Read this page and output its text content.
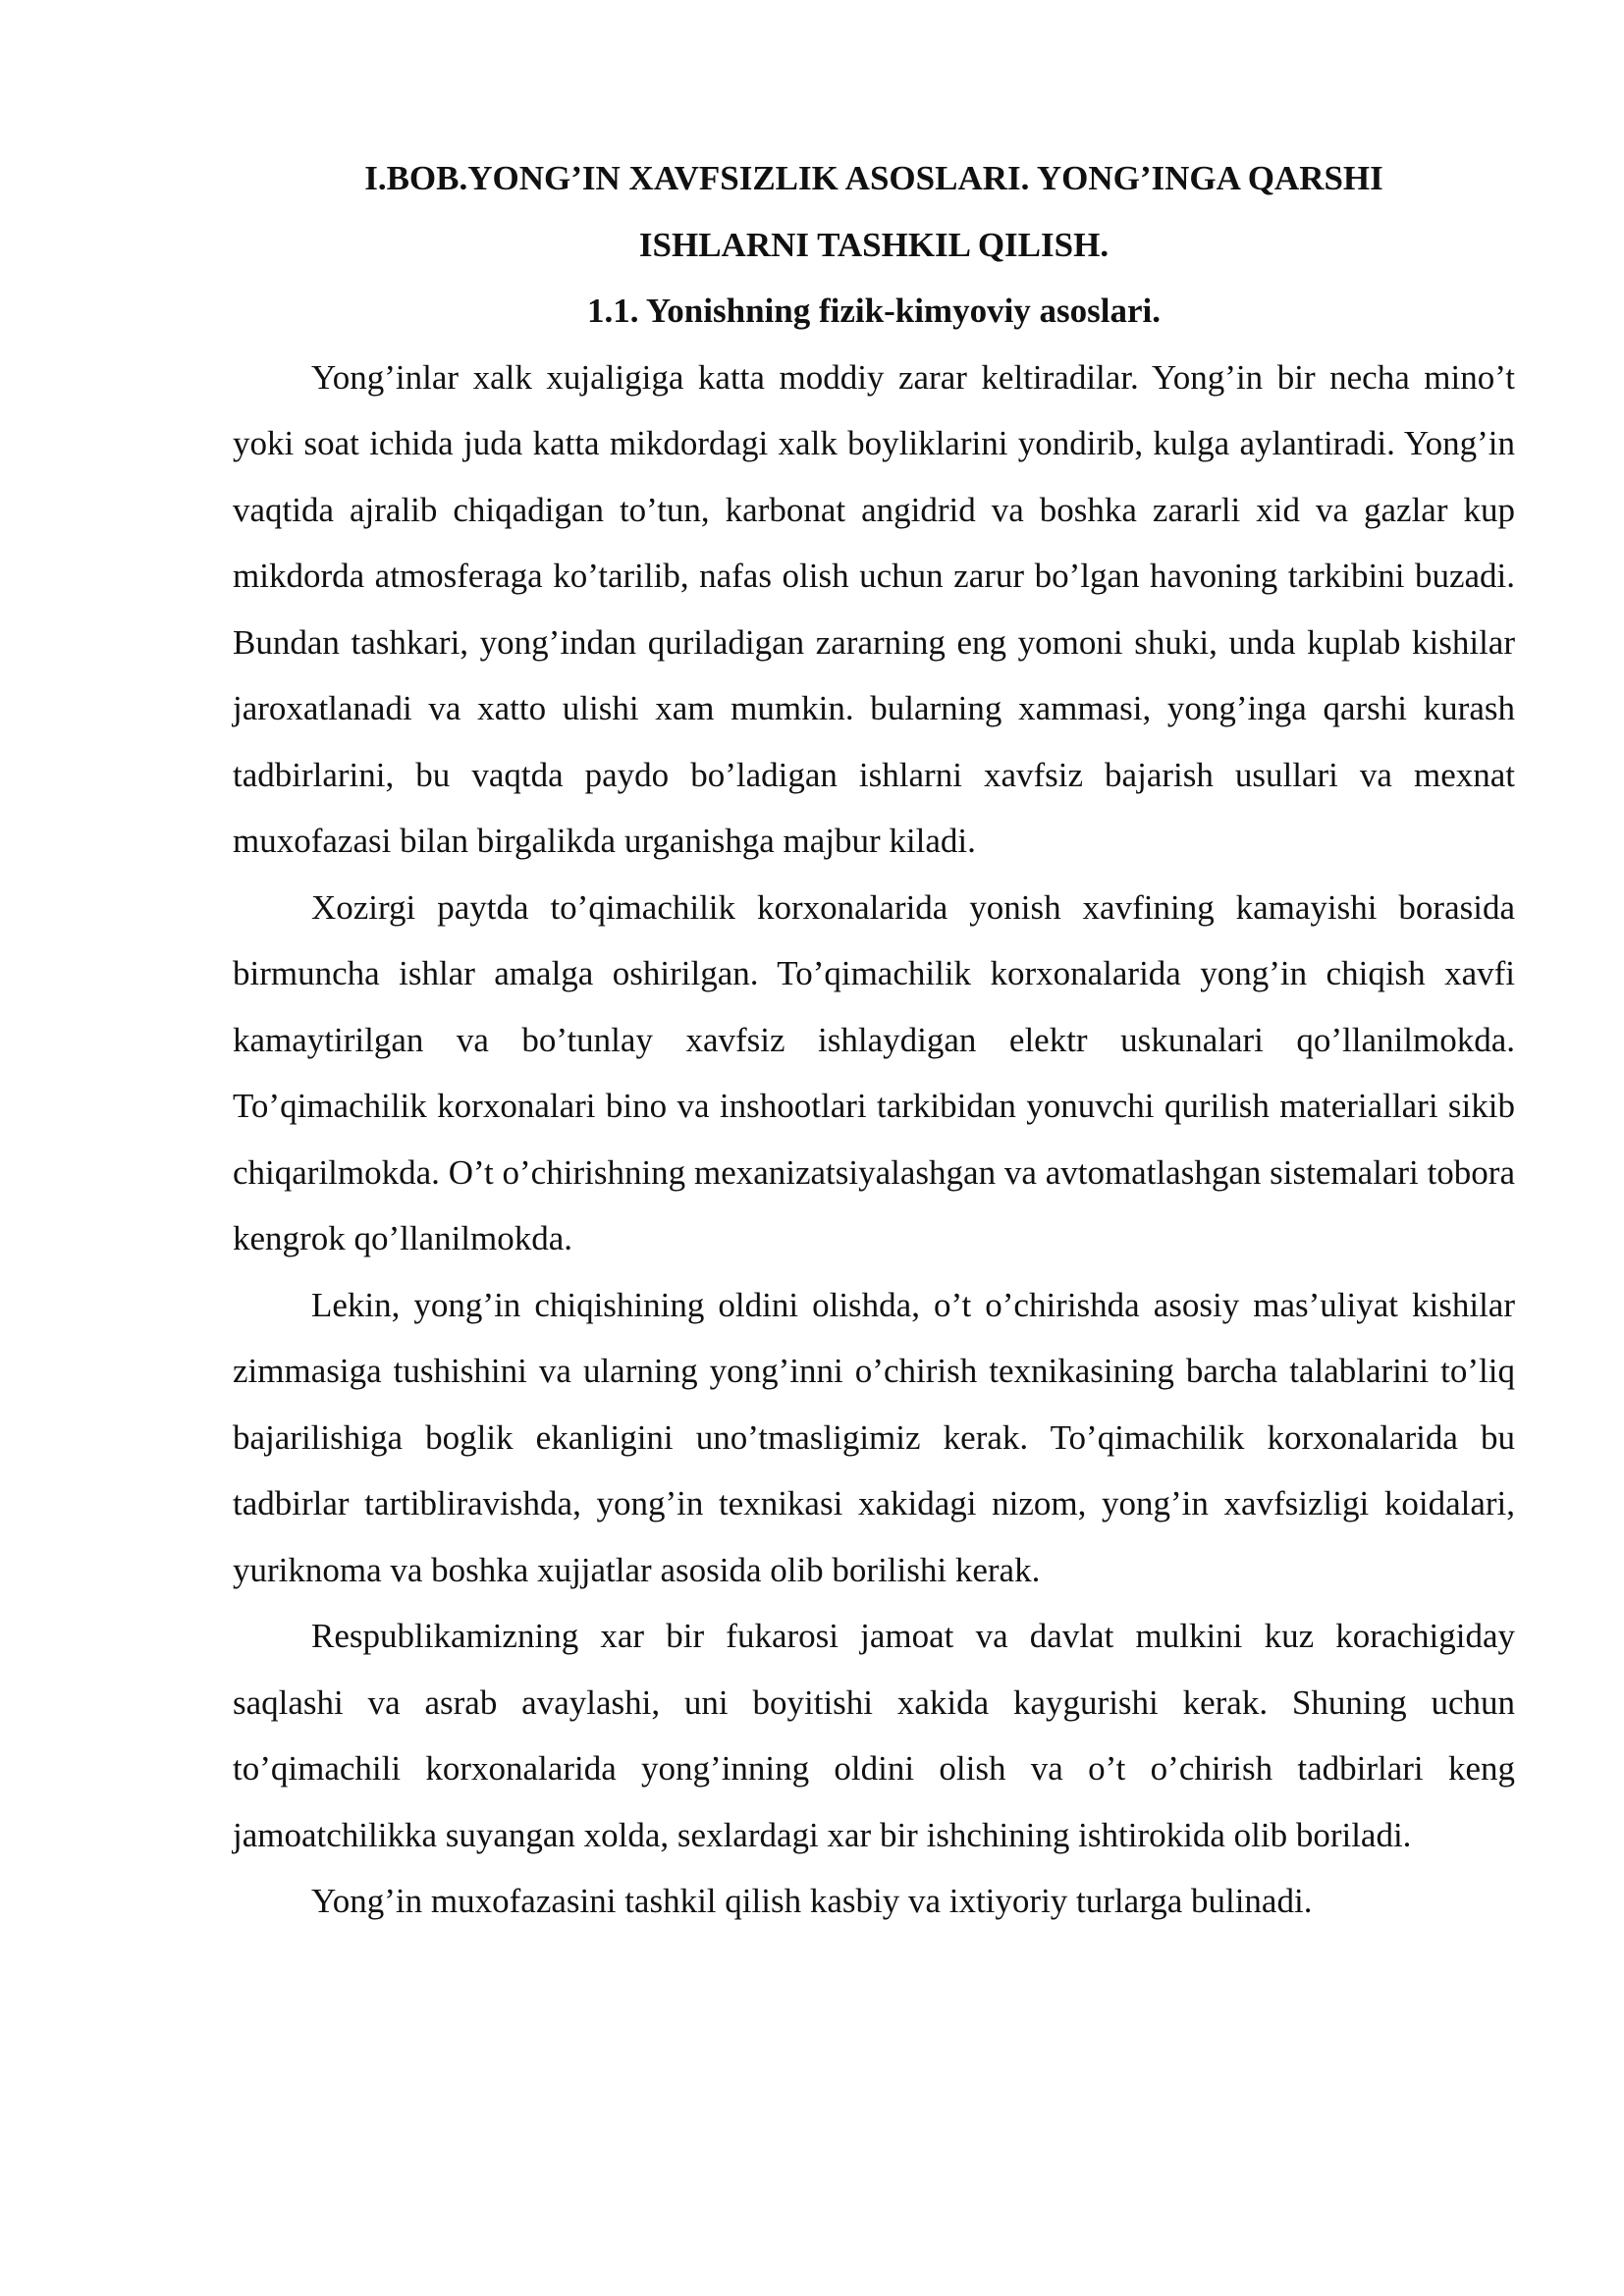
I.BOB.YONG’IN XAVFSIZLIK ASOSLARI. YONG’INGA QARSHI

ISHLARNI TASHKIL QILISH.

1.1. Yonishning fizik-kimyoviy asoslari.

Yong’inlar xalk xujaligiga katta moddiy zarar keltiradilar. Yong’in bir necha mino’t yoki soat ichida juda katta mikdordagi xalk boyliklarini yondirib, kulga aylantiradi. Yong’in vaqtida ajralib chiqadigan to’tun, karbonat angidrid va boshka zararli xid va gazlar kup mikdorda atmosferaga ko’tarilib, nafas olish uchun zarur bo’lgan havoning tarkibini buzadi. Bundan tashkari, yong’indan quriladigan zararning eng yomoni shuki, unda kuplab kishilar jaroxatlanadi va xatto ulishi xam mumkin. bularning xammasi, yong’inga qarshi kurash tadbirlarini, bu vaqtda paydo bo’ladigan ishlarni xavfsiz bajarish usullari va mexnat muxofazasi bilan birgalikda urganishga majbur kiladi.

Xozirgi paytda to’qimachilik korxonalarida yonish xavfining kamayishi borasida birmuncha ishlar amalga oshirilgan. To’qimachilik korxonalarida yong’in chiqish xavfi kamaytirilgan va bo’tunlay xavfsiz ishlaydigan elektr uskunalari qo’llanilmokda. To’qimachilik korxonalari bino va inshootlari tarkibidan yonuvchi qurilish materiallari sikib chiqarilmokda. O’t o’chirishning mexanizatsiyalashgan va avtomatlashgan sistemalari tobora kengrok qo’llanilmokda.

Lekin, yong’in chiqishining oldini olishda, o’t o’chirishda asosiy mas’uliyat kishilar zimmasiga tushishini va ularning yong’inni o’chirish texnikasining barcha talablarini to’liq bajarilishiga boglik ekanligini uno’tmasligimiz kerak. To’qimachilik korxonalarida bu tadbirlar tartibliravishda, yong’in texnikasi xakidagi nizom, yong’in xavfsizligi koidalari, yuriknoma va boshka xujjatlar asosida olib borilishi kerak.

Respublikamizning xar bir fukarosi jamoat va davlat mulkini kuz korachigiday saqlashi va asrab avaylashi, uni boyitishi xakida kaygurishi kerak. Shuning uchun to’qimachili korxonalarida yong’inning oldini olish va o’t o’chirish tadbirlari keng jamoatchilikka suyangan xolda, sexlardagi xar bir ishchining ishtirokida olib boriladi.

Yong’in muxofazasini tashkil qilish kasbiy va ixtiyoriy turlarga bulinadi.
